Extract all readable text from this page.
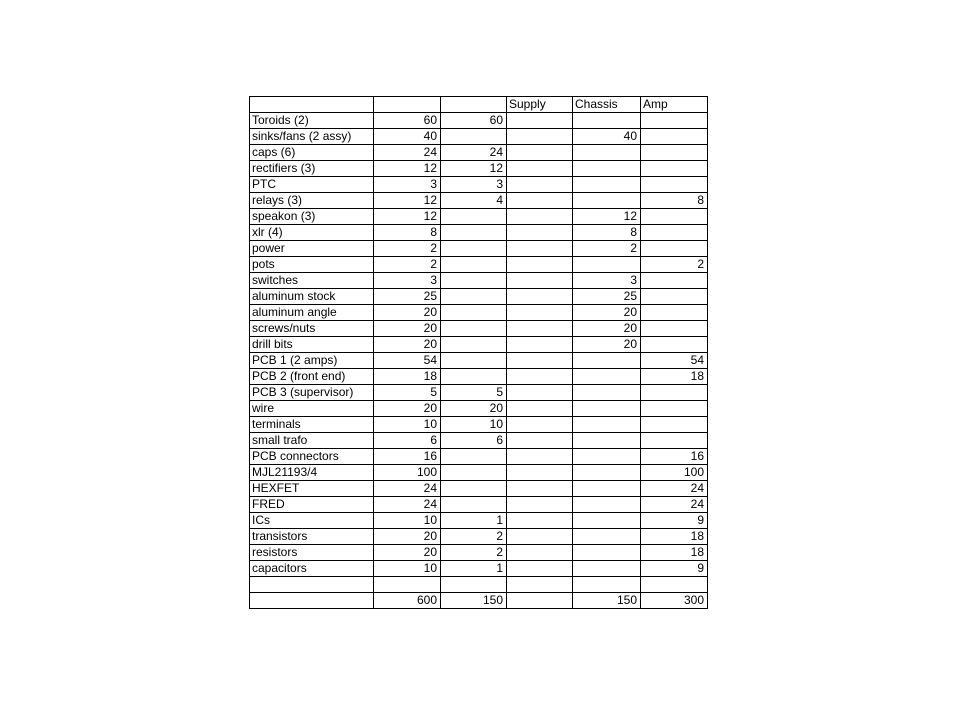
			Supply	Chassis	Amp
Toroids (2)	60	60			
sinks/fans (2 assy)	40			40	
caps (6)	24	24			
rectifiers (3)	12	12			
PTC	3	3			
relays (3)	12	4			8
speakon (3)	12			12	
xlr (4)	8			8	
power	2			2	
pots	2				2
switches	3			3	
aluminum stock	25			25	
aluminum angle	20			20	
screws/nuts	20			20	
drill bits	20			20	
PCB 1 (2 amps)	54				54
PCB 2 (front end)	18				18
PCB 3 (supervisor)	5	5			
wire	20	20			
terminals	10	10			
small trafo	6	6			
PCB connectors	16				16
MJL21193/4	100				100
HEXFET	24				24
FRED	24				24
ICs	10	1			9
transistors	20	2			18
resistors	20	2			18
capacitors	10	1			9

	600	150		150	300
